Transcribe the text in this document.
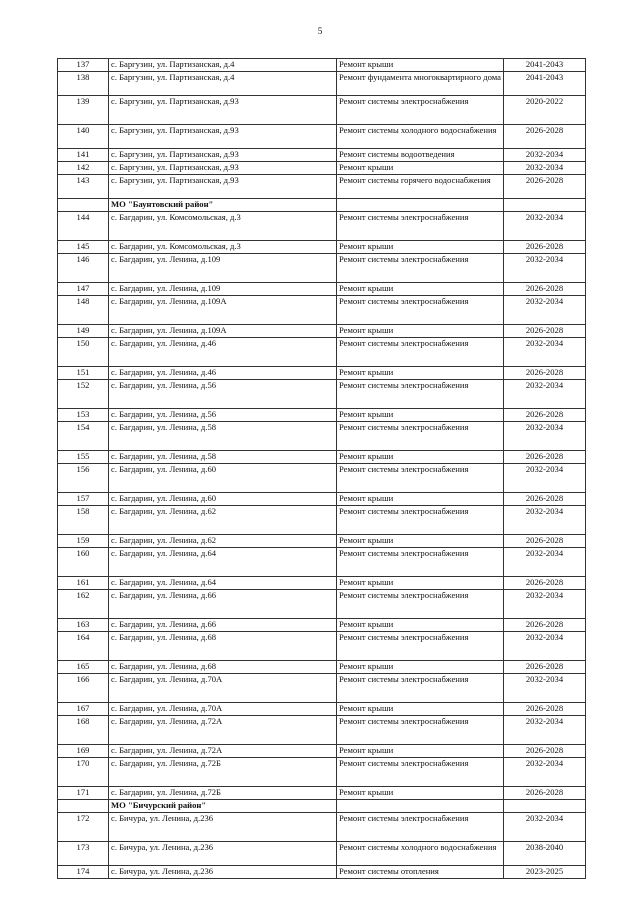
5
137	с. Баргузин, ул. Партизанская, д.4	Ремонт крыши	2041-2043
138	с. Баргузин, ул. Партизанская, д.4	Ремонт фундамента многоквартирного дома	2041-2043
139	с. Баргузин, ул. Партизанская, д.93	Ремонт системы электроснабжения	2020-2022
140	с. Баргузин, ул. Партизанская, д.93	Ремонт системы холодного водоснабжения	2026-2028
141	с. Баргузин, ул. Партизанская, д.93	Ремонт системы водоотведения	2032-2034
142	с. Баргузин, ул. Партизанская, д.93	Ремонт крыши	2032-2034
143	с. Баргузин, ул. Партизанская, д.93	Ремонт системы горячего водоснабжения	2026-2028
	МО "Баунтовский район"		
144	с. Багдарин, ул. Комсомольская, д.3	Ремонт системы электроснабжения	2032-2034
145	с. Багдарин, ул. Комсомольская, д.3	Ремонт крыши	2026-2028
146	с. Багдарин, ул. Ленина, д.109	Ремонт системы электроснабжения	2032-2034
147	с. Багдарин, ул. Ленина, д.109	Ремонт крыши	2026-2028
148	с. Багдарин, ул. Ленина, д.109А	Ремонт системы электроснабжения	2032-2034
149	с. Багдарин, ул. Ленина, д.109А	Ремонт крыши	2026-2028
150	с. Багдарин, ул. Ленина, д.46	Ремонт системы электроснабжения	2032-2034
151	с. Багдарин, ул. Ленина, д.46	Ремонт крыши	2026-2028
152	с. Багдарин, ул. Ленина, д.56	Ремонт системы электроснабжения	2032-2034
153	с. Багдарин, ул. Ленина, д.56	Ремонт крыши	2026-2028
154	с. Багдарин, ул. Ленина, д.58	Ремонт системы электроснабжения	2032-2034
155	с. Багдарин, ул. Ленина, д.58	Ремонт крыши	2026-2028
156	с. Багдарин, ул. Ленина, д.60	Ремонт системы электроснабжения	2032-2034
157	с. Багдарин, ул. Ленина, д.60	Ремонт крыши	2026-2028
158	с. Багдарин, ул. Ленина, д.62	Ремонт системы электроснабжения	2032-2034
159	с. Багдарин, ул. Ленина, д.62	Ремонт крыши	2026-2028
160	с. Багдарин, ул. Ленина, д.64	Ремонт системы электроснабжения	2032-2034
161	с. Багдарин, ул. Ленина, д.64	Ремонт крыши	2026-2028
162	с. Багдарин, ул. Ленина, д.66	Ремонт системы электроснабжения	2032-2034
163	с. Багдарин, ул. Ленина, д.66	Ремонт крыши	2026-2028
164	с. Багдарин, ул. Ленина, д.68	Ремонт системы электроснабжения	2032-2034
165	с. Багдарин, ул. Ленина, д.68	Ремонт крыши	2026-2028
166	с. Багдарин, ул. Ленина, д.70А	Ремонт системы электроснабжения	2032-2034
167	с. Багдарин, ул. Ленина, д.70А	Ремонт крыши	2026-2028
168	с. Багдарин, ул. Ленина, д.72А	Ремонт системы электроснабжения	2032-2034
169	с. Багдарин, ул. Ленина, д.72А	Ремонт крыши	2026-2028
170	с. Багдарин, ул. Ленина, д.72Б	Ремонт системы электроснабжения	2032-2034
171	с. Багдарин, ул. Ленина, д.72Б	Ремонт крыши	2026-2028
	МО "Бичурский район"		
172	с. Бичура, ул. Ленина, д.236	Ремонт системы электроснабжения	2032-2034
173	с. Бичура, ул. Ленина, д.236	Ремонт системы холодного водоснабжения	2038-2040
174	с. Бичура, ул. Ленина, д.236	Ремонт системы отопления	2023-2025
